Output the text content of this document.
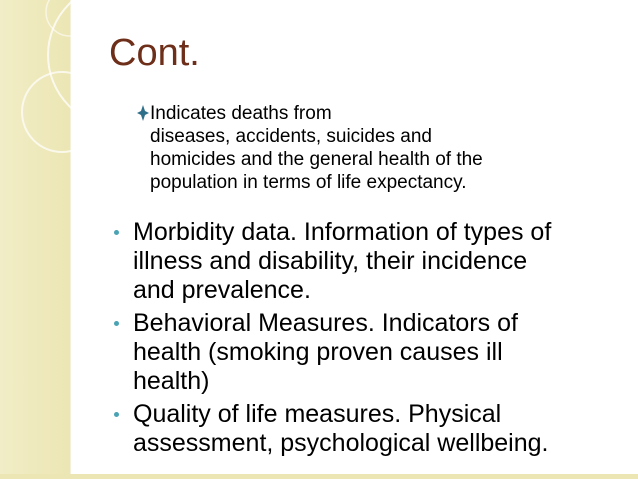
Cont.
Indicates deaths from
diseases, accidents, suicides and
homicides and the general health of the
population in terms of life expectancy.
Morbidity data. Information of types of
illness and disability, their incidence
and prevalence.
Behavioral Measures. Indicators of
health (smoking proven causes ill
health)
Quality of life measures. Physical
assessment, psychological wellbeing.
